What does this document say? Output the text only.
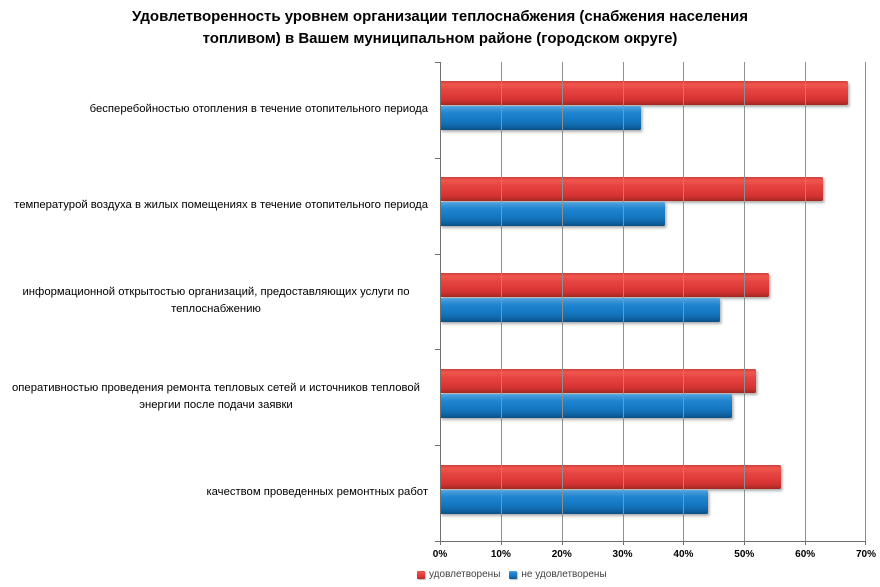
Удовлетворенность уровнем организации теплоснабжения (снабжения населения
топливом) в Вашем муниципальном районе (городском округе)
бесперебойностью отопления в течение отопительного периода
температурой воздуха в жилых помещениях в течение отопительного периода
информационной открытостью организаций, предоставляющих услуги по теплоснабжению
оперативностью проведения ремонта тепловых сетей и источников тепловой энергии после подачи заявки
качеством проведенных ремонтных работ
0%	10%	20%	30%	40%	50%	60%	70%
удовлетворены не удовлетворены
